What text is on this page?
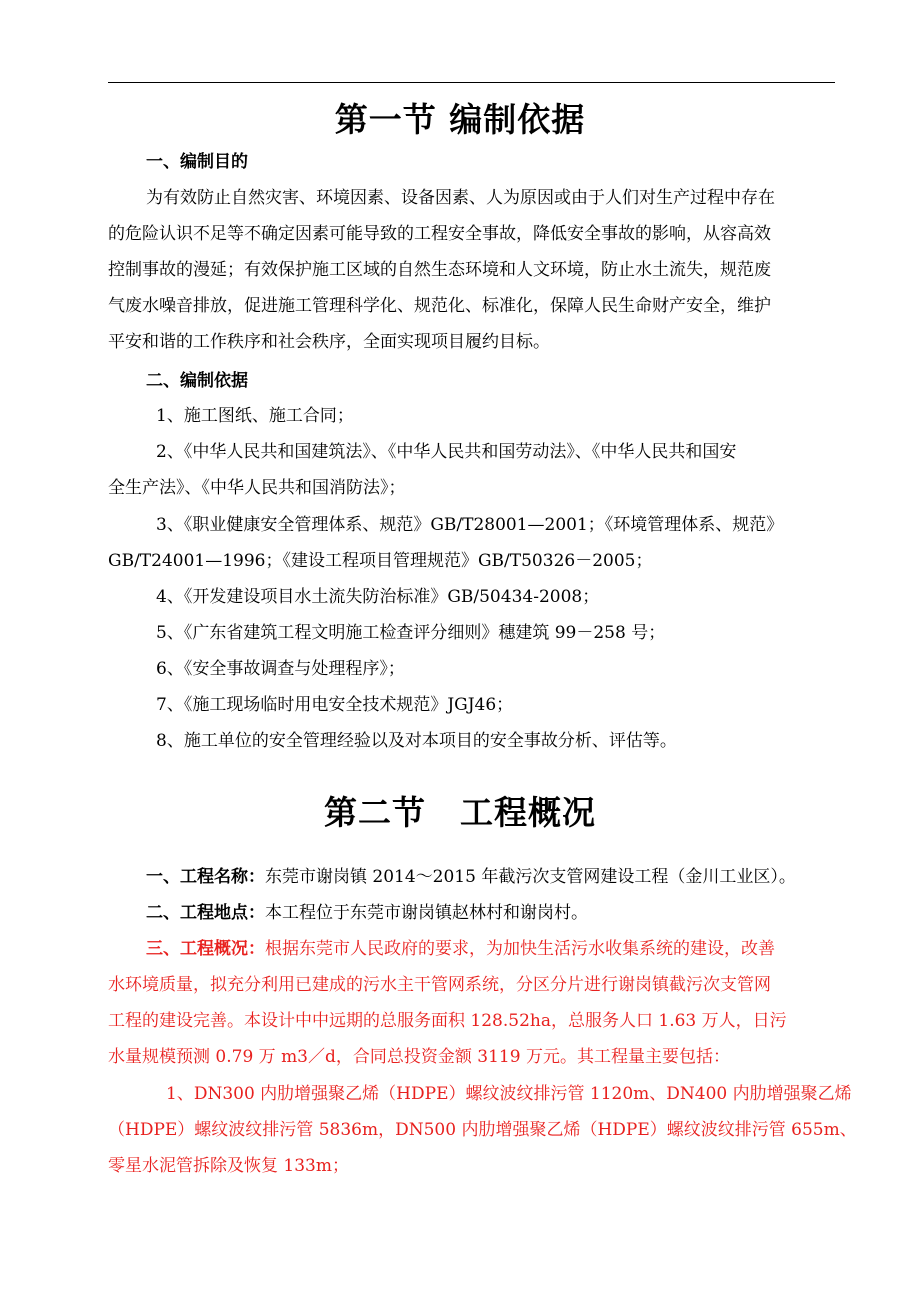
第一节 编制依据
一、编制目的
为有效防止自然灾害、环境因素、设备因素、人为原因或由于人们对生产过程中存在
的危险认识不足等不确定因素可能导致的工程安全事故，降低安全事故的影响，从容高效
控制事故的漫延；有效保护施工区域的自然生态环境和人文环境，防止水土流失，规范废
气废水噪音排放，促进施工管理科学化、规范化、标准化，保障人民生命财产安全，维护
平安和谐的工作秩序和社会秩序，全面实现项目履约目标。
二、编制依据
1、施工图纸、施工合同；
2、《中华人民共和国建筑法》、《中华人民共和国劳动法》、《中华人民共和国安
全生产法》、《中华人民共和国消防法》；
3、《职业健康安全管理体系、规范》GB/T28001—2001；《环境管理体系、规范》
GB/T24001—1996；《建设工程项目管理规范》GB/T50326－2005；
4、《开发建设项目水土流失防治标准》GB/50434-2008；
5、《广东省建筑工程文明施工检查评分细则》穗建筑 99－258 号；
6、《安全事故调查与处理程序》；
7、《施工现场临时用电安全技术规范》JGJ46；
8、施工单位的安全管理经验以及对本项目的安全事故分析、评估等。
第二节　工程概况
一、工程名称：东莞市谢岗镇 2014～2015 年截污次支管网建设工程（金川工业区）。
二、工程地点：本工程位于东莞市谢岗镇赵林村和谢岗村。
三、工程概况：根据东莞市人民政府的要求，为加快生活污水收集系统的建设，改善
水环境质量，拟充分利用已建成的污水主干管网系统，分区分片进行谢岗镇截污次支管网
工程的建设完善。本设计中中远期的总服务面积 128.52ha，总服务人口 1.63 万人，日污
水量规模预测 0.79 万 m3／d，合同总投资金额 3119 万元。其工程量主要包括：
1、DN300 内肋增强聚乙烯（HDPE）螺纹波纹排污管 1120m、DN400 内肋增强聚乙烯
（HDPE）螺纹波纹排污管 5836m，DN500 内肋增强聚乙烯（HDPE）螺纹波纹排污管 655m、
零星水泥管拆除及恢复 133m；
